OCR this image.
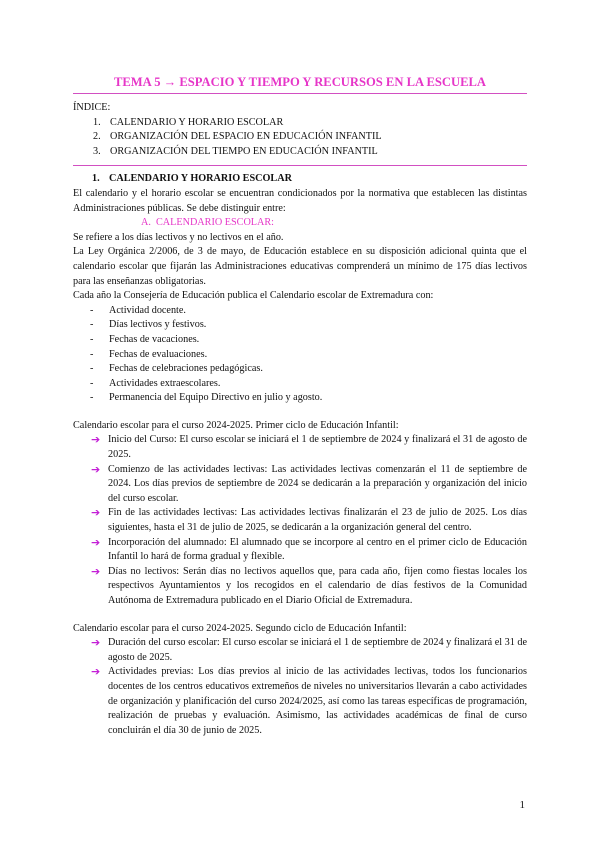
TEMA 5 → ESPACIO Y TIEMPO Y RECURSOS EN LA ESCUELA

ÍNDICE:

1. CALENDARIO Y HORARIO ESCOLAR
2. ORGANIZACIÓN DEL ESPACIO EN EDUCACIÓN INFANTIL
3. ORGANIZACIÓN DEL TIEMPO EN EDUCACIÓN INFANTIL
1. CALENDARIO Y HORARIO ESCOLAR

El calendario y el horario escolar se encuentran condicionados por la normativa que establecen las distintas Administraciones públicas. Se debe distinguir entre:

A. CALENDARIO ESCOLAR:

Se refiere a los días lectivos y no lectivos en el año.

La Ley Orgánica 2/2006, de 3 de mayo, de Educación establece en su disposición adicional quinta que el calendario escolar que fijarán las Administraciones educativas comprenderá un mínimo de 175 días lectivos para las enseñanzas obligatorias.

Cada año la Consejería de Educación publica el Calendario escolar de Extremadura con:

-	Actividad docente.
-	Días lectivos y festivos.
-	Fechas de vacaciones.
-	Fechas de evaluaciones.
-	Fechas de celebraciones pedagógicas.
-	Actividades extraescolares.
-	Permanencia del Equipo Directivo en julio y agosto.

Calendario escolar para el curso 2024-2025. Primer ciclo de Educación Infantil:

➔ Inicio del Curso: El curso escolar se iniciará el 1 de septiembre de 2024 y finalizará el 31 de agosto de 2025.
➔ Comienzo de las actividades lectivas: Las actividades lectivas comenzarán el 11 de septiembre de 2024. Los días previos de septiembre de 2024 se dedicarán a la preparación y organización del inicio del curso escolar.
➔ Fin de las actividades lectivas: Las actividades lectivas finalizarán el 23 de julio de 2025. Los días siguientes, hasta el 31 de julio de 2025, se dedicarán a la organización general del centro.
➔ Incorporación del alumnado: El alumnado que se incorpore al centro en el primer ciclo de Educación Infantil lo hará de forma gradual y flexible.
➔ Días no lectivos: Serán días no lectivos aquellos que, para cada año, fijen como fiestas locales los respectivos Ayuntamientos y los recogidos en el calendario de días festivos de la Comunidad Autónoma de Extremadura publicado en el Diario Oficial de Extremadura.

Calendario escolar para el curso 2024-2025. Segundo ciclo de Educación Infantil:

➔ Duración del curso escolar: El curso escolar se iniciará el 1 de septiembre de 2024 y finalizará el 31 de agosto de 2025.
➔ Actividades previas: Los días previos al inicio de las actividades lectivas, todos los funcionarios docentes de los centros educativos extremeños de niveles no universitarios llevarán a cabo actividades de organización y planificación del curso 2024/2025, así como las tareas específicas de programación, realización de pruebas y evaluación. Asimismo, las actividades académicas de final de curso concluirán el día 30 de junio de 2025.
1
